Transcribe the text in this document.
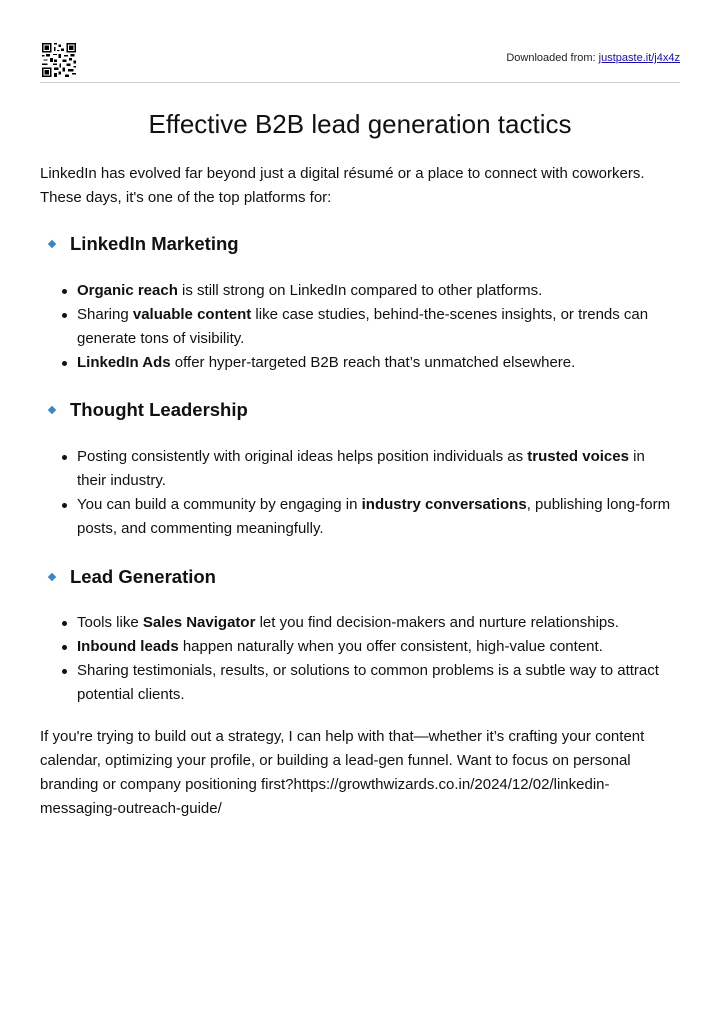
Downloaded from: justpaste.it/j4x4z
Effective B2B lead generation tactics

LinkedIn has evolved far beyond just a digital résumé or a place to connect with coworkers. These days, it's one of the top platforms for:

LinkedIn Marketing
Organic reach is still strong on LinkedIn compared to other platforms.
Sharing valuable content like case studies, behind-the-scenes insights, or trends can generate tons of visibility.
LinkedIn Ads offer hyper-targeted B2B reach that’s unmatched elsewhere.
Thought Leadership
Posting consistently with original ideas helps position individuals as trusted voices in their industry.
You can build a community by engaging in industry conversations, publishing long-form posts, and commenting meaningfully.
Lead Generation
Tools like Sales Navigator let you find decision-makers and nurture relationships.
Inbound leads happen naturally when you offer consistent, high-value content.
Sharing testimonials, results, or solutions to common problems is a subtle way to attract potential clients.

If you're trying to build out a strategy, I can help with that—whether it’s crafting your content calendar, optimizing your profile, or building a lead-gen funnel. Want to focus on personal branding or company positioning first?https://growthwizards.co.in/2024/12/02/linkedin-messaging-outreach-guide/
